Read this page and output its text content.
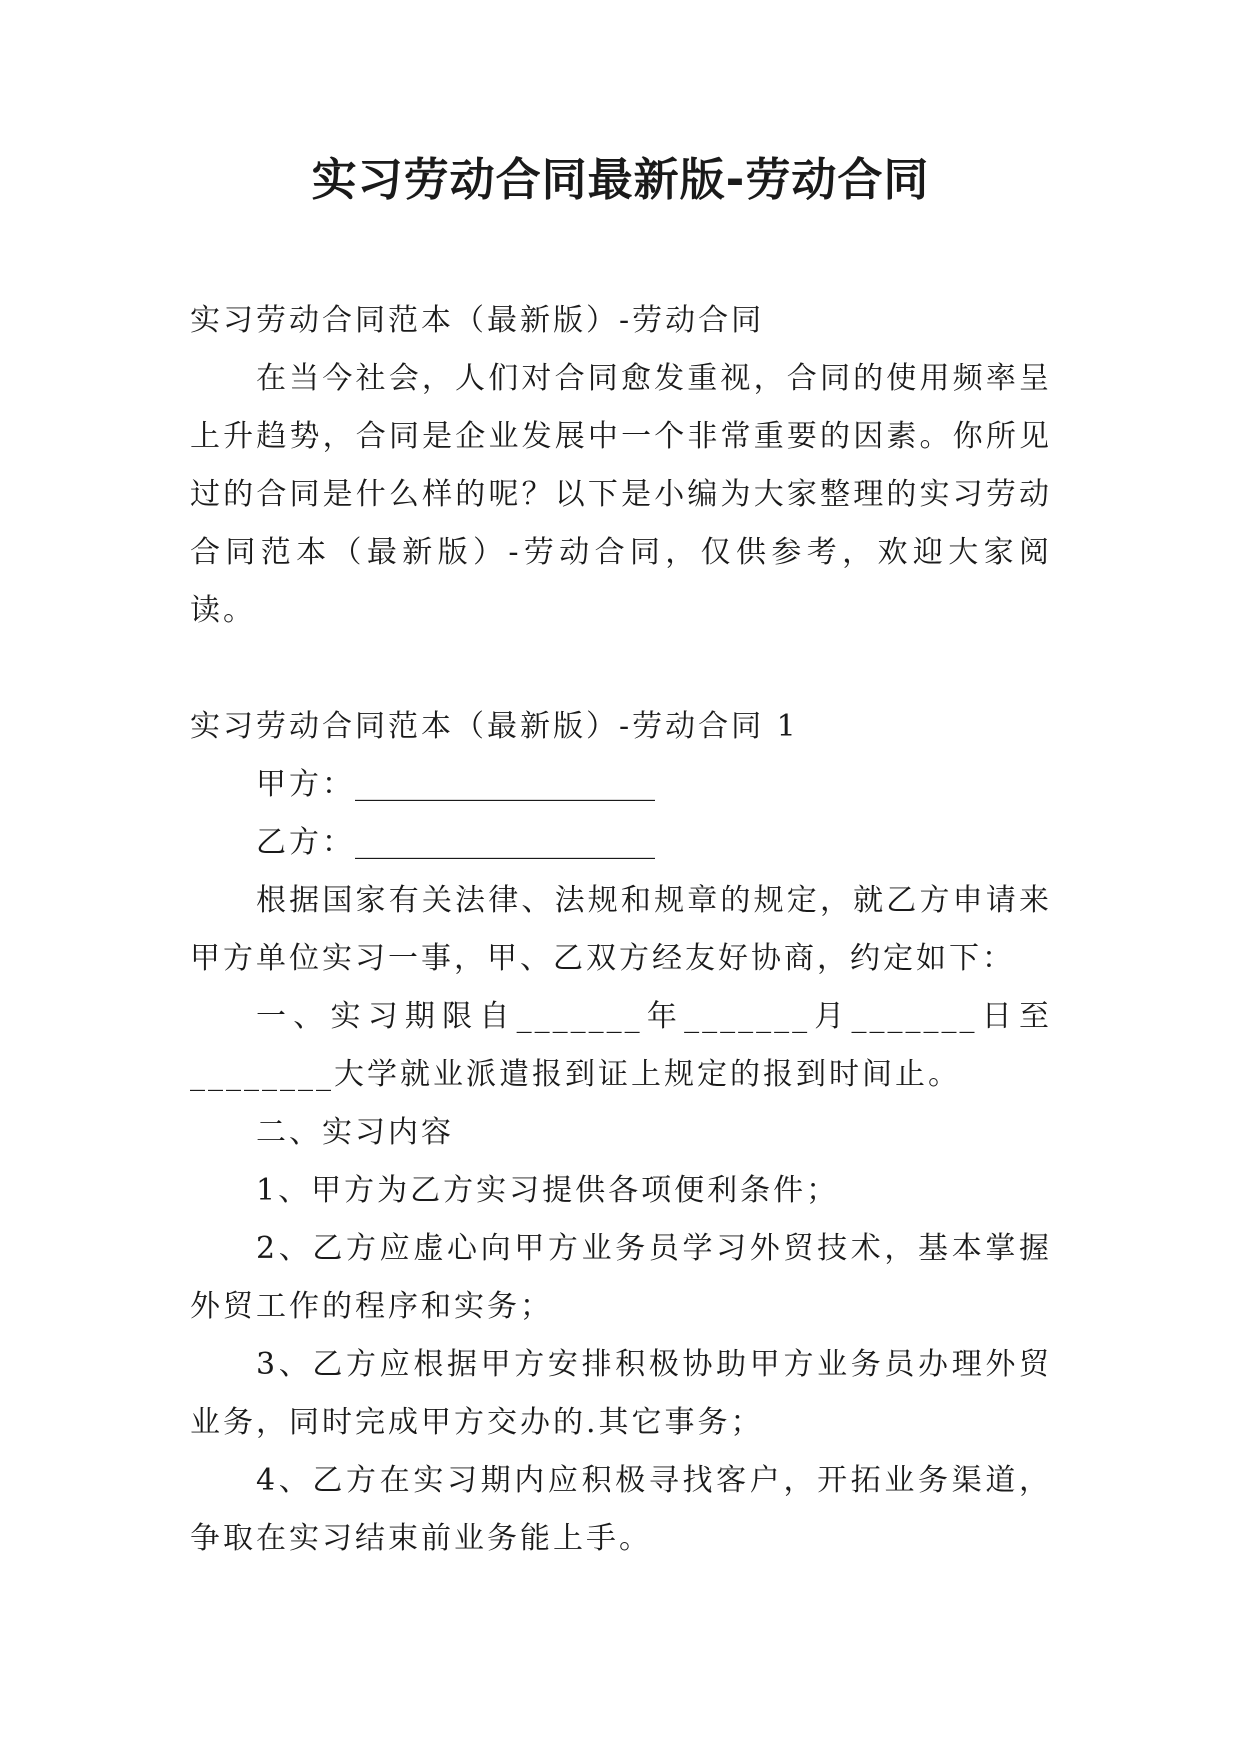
实习劳动合同最新版-劳动合同

实习劳动合同范本（最新版）-劳动合同

在当今社会，人们对合同愈发重视，合同的使用频率呈上升趋势，合同是企业发展中一个非常重要的因素。你所见过的合同是什么样的呢？以下是小编为大家整理的实习劳动合同范本（最新版）-劳动合同，仅供参考，欢迎大家阅读。

实习劳动合同范本（最新版）-劳动合同 1

甲方：____________________

乙方：____________________

根据国家有关法律、法规和规章的规定，就乙方申请来甲方单位实习一事，甲、乙双方经友好协商，约定如下：

一、实习期限自_______年_______月_______日至________大学就业派遣报到证上规定的报到时间止。

二、实习内容

1、甲方为乙方实习提供各项便利条件；

2、乙方应虚心向甲方业务员学习外贸技术，基本掌握外贸工作的程序和实务；

3、乙方应根据甲方安排积极协助甲方业务员办理外贸业务，同时完成甲方交办的.其它事务；

4、乙方在实习期内应积极寻找客户，开拓业务渠道，争取在实习结束前业务能上手。
